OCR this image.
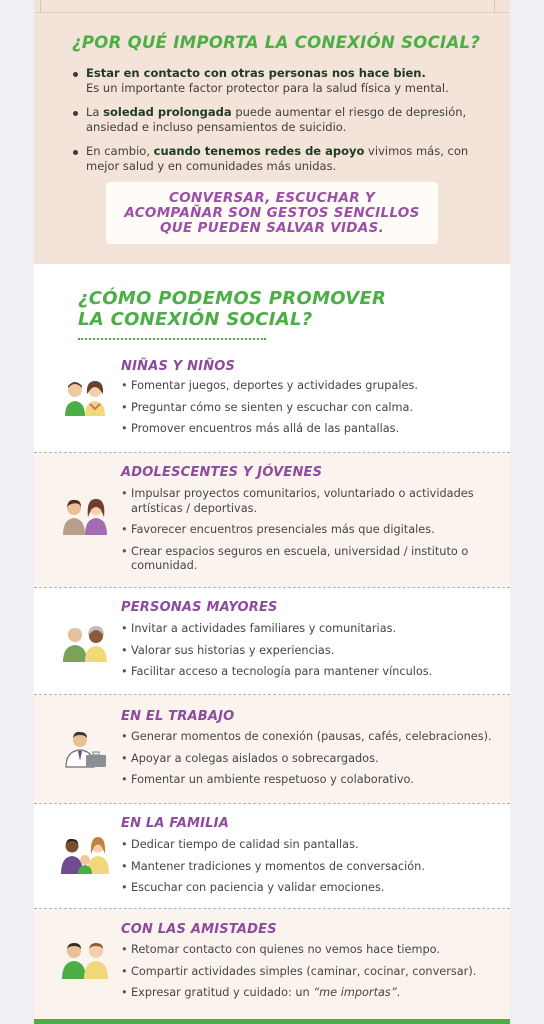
¿POR QUÉ IMPORTA LA CONEXIÓN SOCIAL?
Estar en contacto con otras personas nos hace bien.
Es un importante factor protector para la salud física y mental.
La soledad prolongada puede aumentar el riesgo de depresión, ansiedad e incluso pensamientos de suicidio.
En cambio, cuando tenemos redes de apoyo vivimos más, con mejor salud y en comunidades más unidas.
CONVERSAR, ESCUCHAR Y ACOMPAÑAR SON GESTOS SENCILLOS QUE PUEDEN SALVAR VIDAS.
¿CÓMO PODEMOS PROMOVER
LA CONEXIÓN SOCIAL?
NIÑAS Y NIÑOS
• Fomentar juegos, deportes y actividades grupales.
• Preguntar cómo se sienten y escuchar con calma.
• Promover encuentros más allá de las pantallas.
ADOLESCENTES Y JÓVENES
• Impulsar proyectos comunitarios, voluntariado o actividades artísticas / deportivas.
• Favorecer encuentros presenciales más que digitales.
• Crear espacios seguros en escuela, universidad / instituto o comunidad.
PERSONAS MAYORES
• Invitar a actividades familiares y comunitarias.
• Valorar sus historias y experiencias.
• Facilitar acceso a tecnología para mantener vínculos.
EN EL TRABAJO
• Generar momentos de conexión (pausas, cafés, celebraciones).
• Apoyar a colegas aislados o sobrecargados.
• Fomentar un ambiente respetuoso y colaborativo.
EN LA FAMILIA
• Dedicar tiempo de calidad sin pantallas.
• Mantener tradiciones y momentos de conversación.
• Escuchar con paciencia y validar emociones.
CON LAS AMISTADES
• Retomar contacto con quienes no vemos hace tiempo.
• Compartir actividades simples (caminar, cocinar, conversar).
• Expresar gratitud y cuidado: un “me importas”.
